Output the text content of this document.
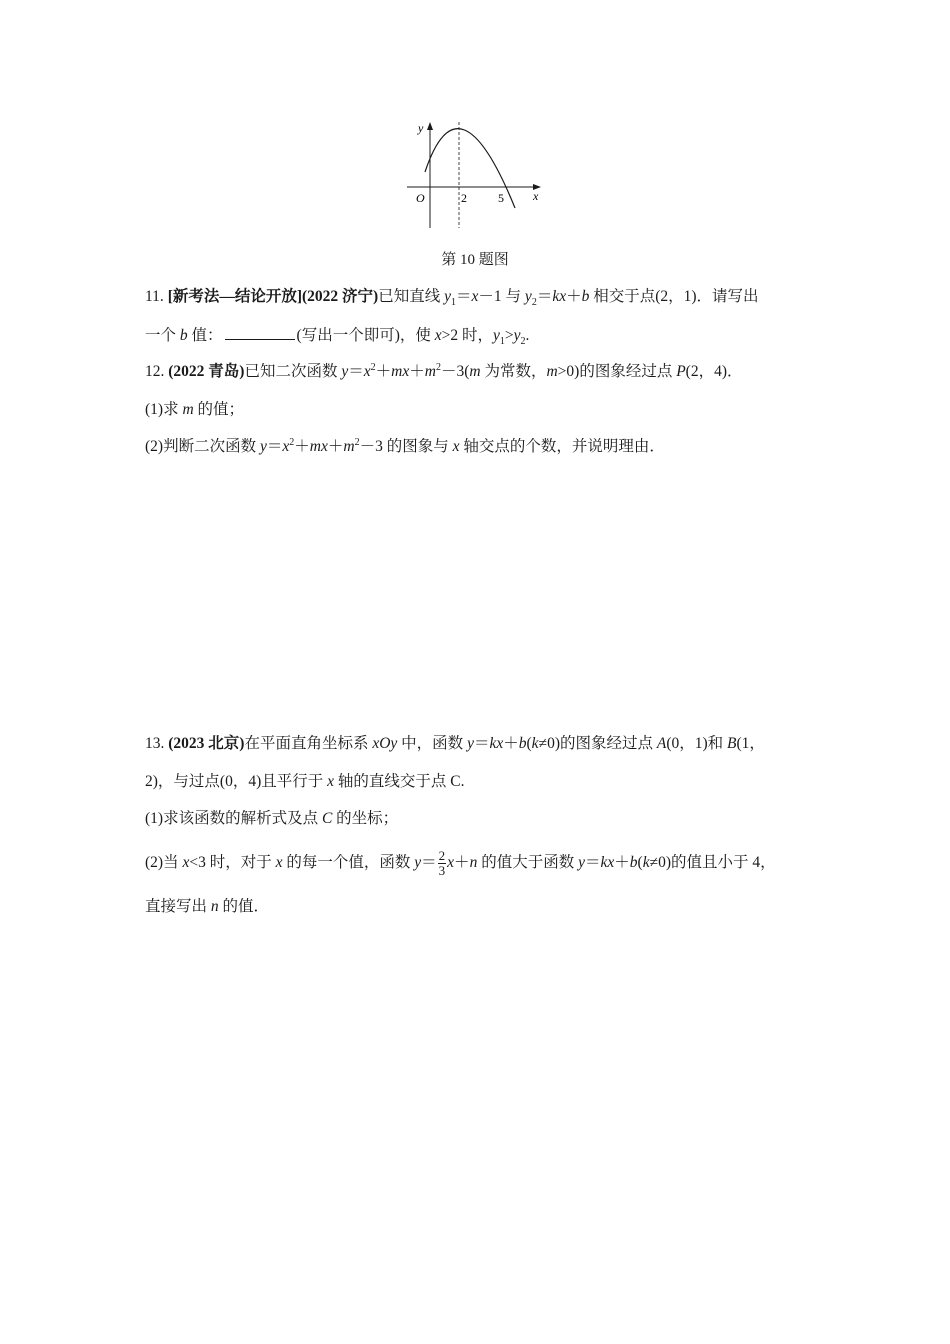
y
O	2	5 x
第 10 题图
11. [新考法—结论开放](2022 济宁)已知直线 $y_1=x-1$ 与 $y_2=kx+b$ 相交于点(2，1)．请写出
一个 b 值：	(写出一个即可)，使 x>2 时，$y_1>y_2$.
12. (2022 青岛)已知二次函数 $y=x^2+mx+m^2-3(m$ 为常数，m>0)的图象经过点 P(2，4)．
(1)求 m 的值；
(2)判断二次函数 $y=x^2+mx+m^2-3$ 的图象与 x 轴交点的个数，并说明理由．
13. (2023 北京)在平面直角坐标系 xOy 中，函数 y＝kx＋b(k≠0)的图象经过点 A(0，1)和 B(1，
2)，与过点(0，4)且平行于 x 轴的直线交于点 C.
(1)求该函数的解析式及点 C 的坐标；
(2)当 x<3 时，对于 x 的每一个值，函数 $y= \frac{2}{3} x+n$ 的值大于函数 y＝kx＋b(k≠0)的值且小于 4，
直接写出 n 的值．
